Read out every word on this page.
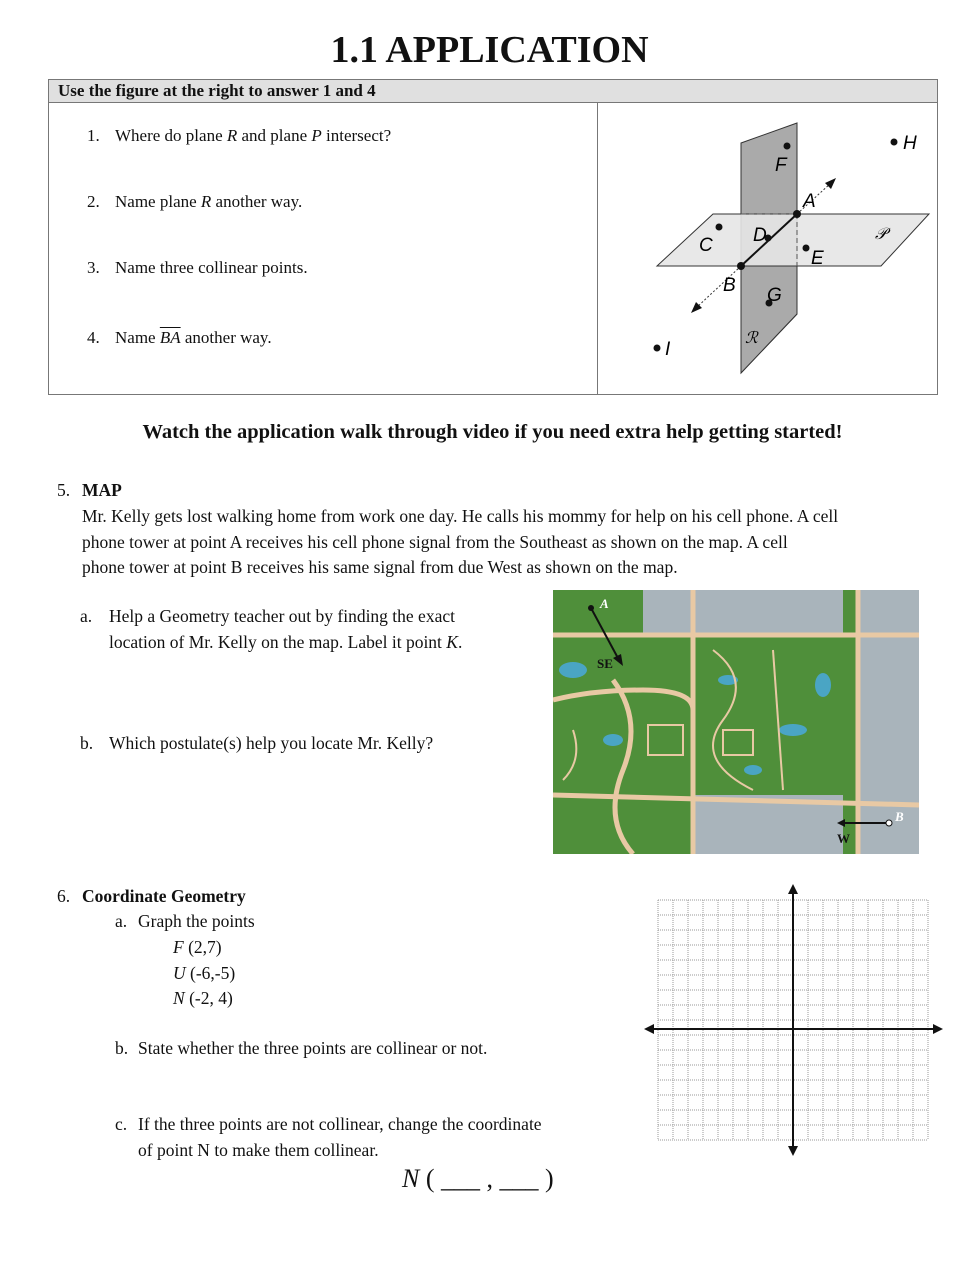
1.1 APPLICATION
Use the figure at the right to answer 1 and 4
1. Where do plane R and plane P intersect?
2. Name plane R another way.
3. Name three collinear points.
4. Name $\overline{BA}$ another way.
F
H
A
𝒫
C D
E
B G
ℛ
I
Watch the application walk through video if you need extra help getting started!
5. MAP
Mr. Kelly gets lost walking home from work one day. He calls his mommy for help on his cell phone. A cell
phone tower at point A receives his cell phone signal from the Southeast as shown on the map. A cell
phone tower at point B receives his same signal from due West as shown on the map.
a. Help a Geometry teacher out by finding the exact
location of Mr. Kelly on the map. Label it point K.
b. Which postulate(s) help you locate Mr. Kelly?
A
SE
B
W
6. Coordinate Geometry
a. Graph the points
F (2,7)
U (-6,-5)
N (-2, 4)
b. State whether the three points are collinear or not.
c. If the three points are not collinear, change the coordinate
of point N to make them collinear.
N ( ___ , ___ )
